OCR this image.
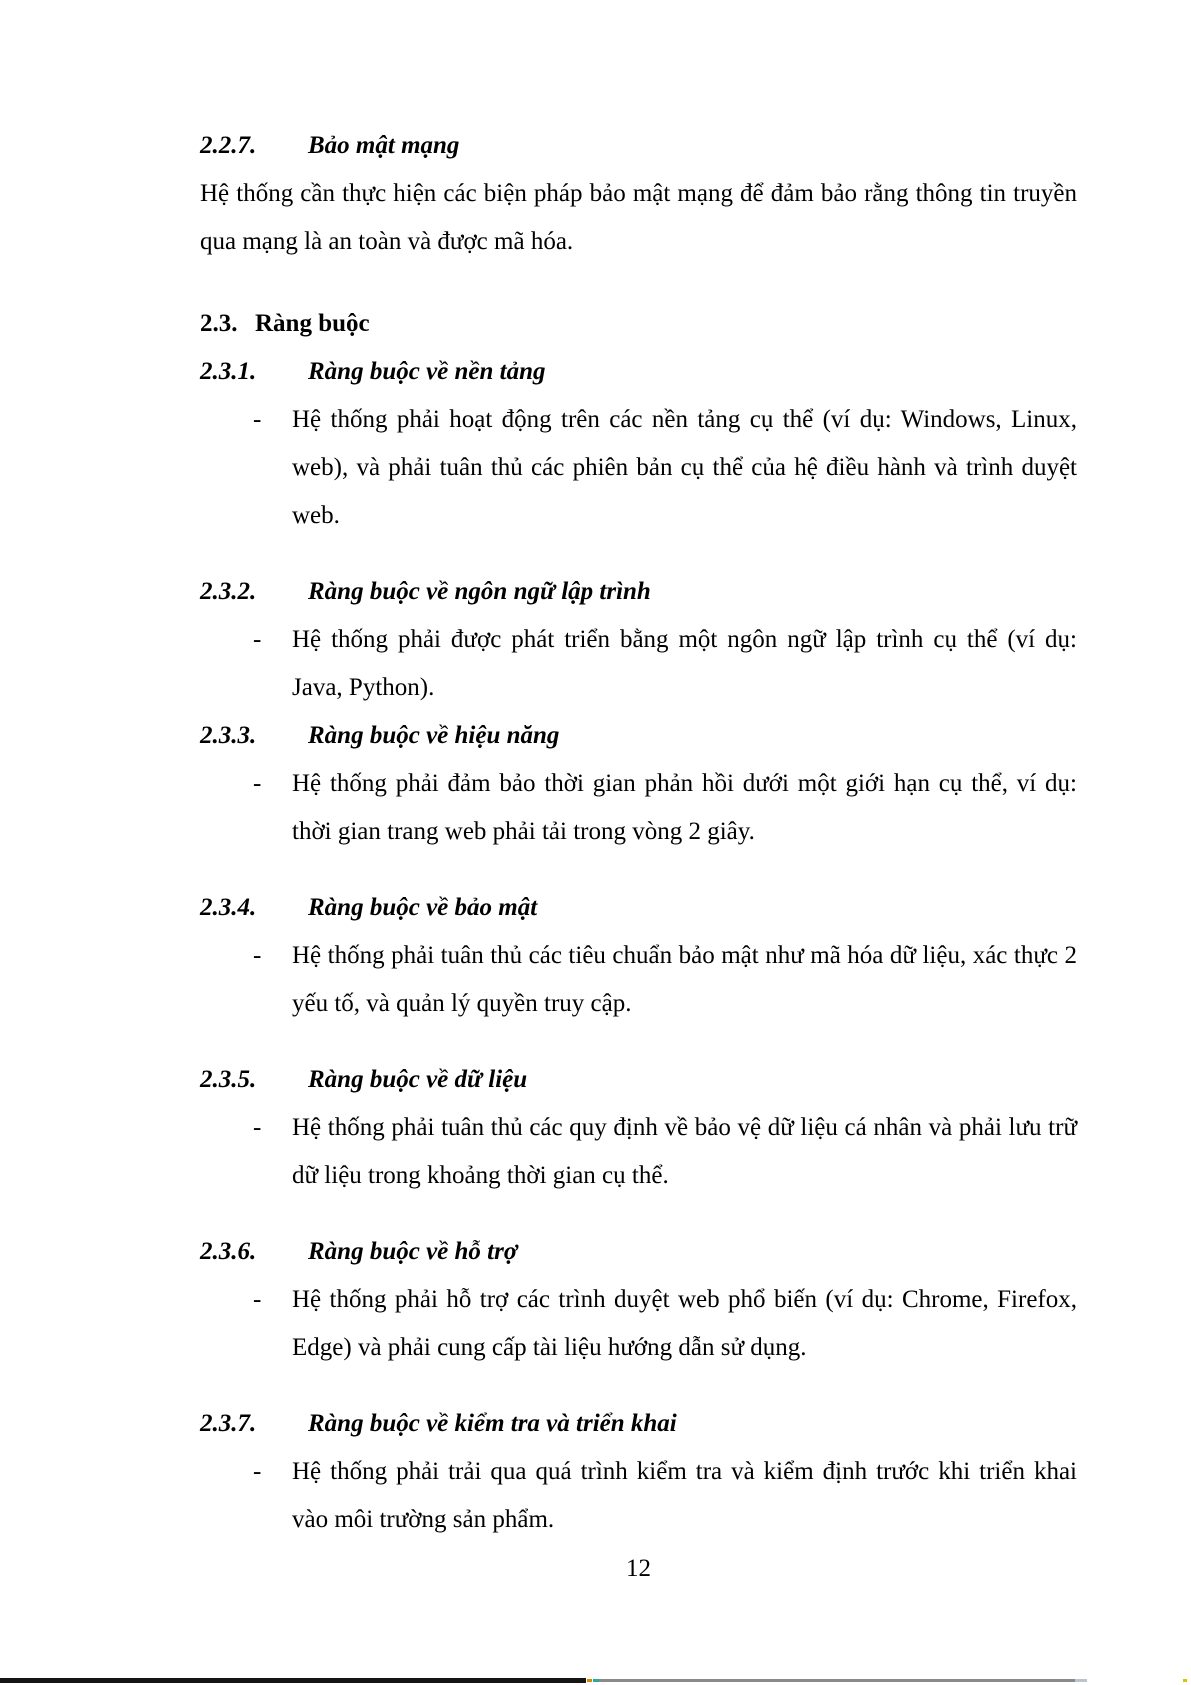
2.2.7. Bảo mật mạng

Hệ thống cần thực hiện các biện pháp bảo mật mạng để đảm bảo rằng thông tin truyền qua mạng là an toàn và được mã hóa.

2.3. Ràng buộc
2.3.1. Ràng buộc về nền tảng
-	Hệ thống phải hoạt động trên các nền tảng cụ thể (ví dụ: Windows, Linux, web), và phải tuân thủ các phiên bản cụ thể của hệ điều hành và trình duyệt web.
2.3.2. Ràng buộc về ngôn ngữ lập trình
-	Hệ thống phải được phát triển bằng một ngôn ngữ lập trình cụ thể (ví dụ: Java, Python).
2.3.3. Ràng buộc về hiệu năng
-	Hệ thống phải đảm bảo thời gian phản hồi dưới một giới hạn cụ thể, ví dụ: thời gian trang web phải tải trong vòng 2 giây.
2.3.4. Ràng buộc về bảo mật
-	Hệ thống phải tuân thủ các tiêu chuẩn bảo mật như mã hóa dữ liệu, xác thực 2 yếu tố, và quản lý quyền truy cập.
2.3.5. Ràng buộc về dữ liệu
-	Hệ thống phải tuân thủ các quy định về bảo vệ dữ liệu cá nhân và phải lưu trữ dữ liệu trong khoảng thời gian cụ thể.
2.3.6. Ràng buộc về hỗ trợ
-	Hệ thống phải hỗ trợ các trình duyệt web phổ biến (ví dụ: Chrome, Firefox, Edge) và phải cung cấp tài liệu hướng dẫn sử dụng.
2.3.7. Ràng buộc về kiểm tra và triển khai
-	Hệ thống phải trải qua quá trình kiểm tra và kiểm định trước khi triển khai vào môi trường sản phẩm.
12
